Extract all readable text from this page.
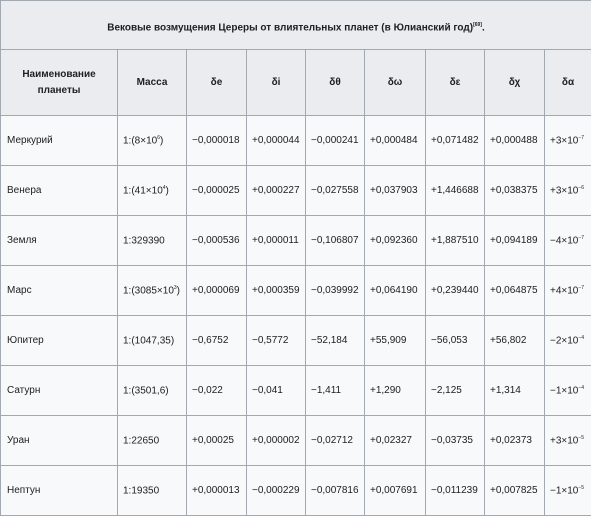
Вековые возмущения Цереры от влиятельных планет (в Юлианский год)[69].
Наименование планеты	Масса	δe	δi	δθ	δω	δε	δχ	δα
Меркурий	$1:(8\times 10^6)$	−0,000018	+0,000044	−0,000241	+0,000484	+0,071482	+0,000488	$+3\times 10^{-7}$
Венера	$1:(41\times 10^4)$	−0,000025	+0,000227	−0,027558	+0,037903	+1,446688	+0,038375	$+3\times 10^{-6}$
Земля	1:329390	−0,000536	+0,000011	−0,106807	+0,092360	+1,887510	+0,094189	$-4\times 10^{-7}$
Марс	$1:(3085\times 10^3)$	+0,000069	+0,000359	−0,039992	+0,064190	+0,239440	+0,064875	$+4\times 10^{-7}$
Юпитер	1:(1047,35)	−0,6752	−0,5772	−52,184	+55,909	−56,053	+56,802	$-2\times 10^{-4}$
Сатурн	1:(3501,6)	−0,022	−0,041	−1,411	+1,290	−2,125	+1,314	$-1\times 10^{-4}$
Уран	1:22650	+0,00025	+0,000002	−0,02712	+0,02327	−0,03735	+0,02373	$+3\times 10^{-5}$
Нептун	1:19350	+0,000013	−0,000229	−0,007816	+0,007691	−0,011239	+0,007825	$-1\times 10^{-5}$
